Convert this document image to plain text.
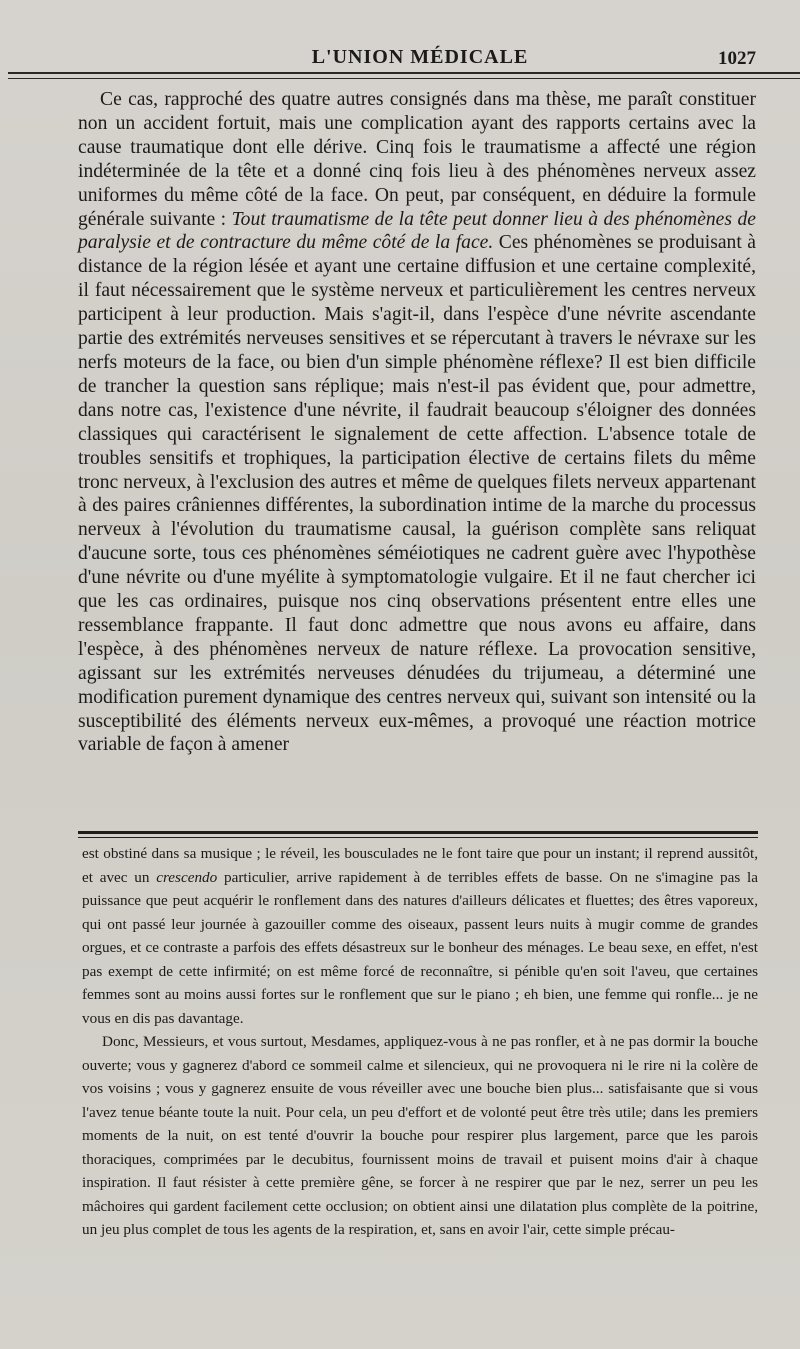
L'UNION MÉDICALE	1027

Ce cas, rapproché des quatre autres consignés dans ma thèse, me paraît constituer non un accident fortuit, mais une complication ayant des rapports certains avec la cause traumatique dont elle dérive. Cinq fois le traumatisme a affecté une région indéterminée de la tête et a donné cinq fois lieu à des phénomènes nerveux assez uniformes du même côté de la face. On peut, par conséquent, en déduire la formule générale suivante : Tout traumatisme de la tête peut donner lieu à des phénomènes de paralysie et de contracture du même côté de la face. Ces phénomènes se produisant à distance de la région lésée et ayant une certaine diffusion et une certaine complexité, il faut nécessairement que le système nerveux et particulièrement les centres nerveux participent à leur production. Mais s'agit-il, dans l'espèce d'une névrite ascendante partie des extrémités nerveuses sensitives et se répercutant à travers le névraxe sur les nerfs moteurs de la face, ou bien d'un simple phénomène réflexe? Il est bien difficile de trancher la question sans réplique; mais n'est-il pas évident que, pour admettre, dans notre cas, l'existence d'une névrite, il faudrait beaucoup s'éloigner des données classiques qui caractérisent le signalement de cette affection. L'absence totale de troubles sensitifs et trophiques, la participation élective de certains filets du même tronc nerveux, à l'exclusion des autres et même de quelques filets nerveux appartenant à des paires crâniennes différentes, la subordination intime de la marche du processus nerveux à l'évolution du traumatisme causal, la guérison complète sans reliquat d'aucune sorte, tous ces phénomènes séméiotiques ne cadrent guère avec l'hypothèse d'une névrite ou d'une myélite à symptomatologie vulgaire. Et il ne faut chercher ici que les cas ordinaires, puisque nos cinq observations présentent entre elles une ressemblance frappante. Il faut donc admettre que nous avons eu affaire, dans l'espèce, à des phénomènes nerveux de nature réflexe. La provocation sensitive, agissant sur les extrémités nerveuses dénudées du trijumeau, a déterminé une modification purement dynamique des centres nerveux qui, suivant son intensité ou la susceptibilité des éléments nerveux eux-mêmes, a provoqué une réaction motrice variable de façon à amener

est obstiné dans sa musique ; le réveil, les bousculades ne le font taire que pour un instant; il reprend aussitôt, et avec un crescendo particulier, arrive rapidement à de terribles effets de basse. On ne s'imagine pas la puissance que peut acquérir le ronflement dans des natures d'ailleurs délicates et fluettes; des êtres vaporeux, qui ont passé leur journée à gazouiller comme des oiseaux, passent leurs nuits à mugir comme de grandes orgues, et ce contraste a parfois des effets désastreux sur le bonheur des ménages. Le beau sexe, en effet, n'est pas exempt de cette infirmité; on est même forcé de reconnaître, si pénible qu'en soit l'aveu, que certaines femmes sont au moins aussi fortes sur le ronflement que sur le piano ; eh bien, une femme qui ronfle... je ne vous en dis pas davantage.

Donc, Messieurs, et vous surtout, Mesdames, appliquez-vous à ne pas ronfler, et à ne pas dormir la bouche ouverte; vous y gagnerez d'abord ce sommeil calme et silencieux, qui ne provoquera ni le rire ni la colère de vos voisins ; vous y gagnerez ensuite de vous réveiller avec une bouche bien plus... satisfaisante que si vous l'avez tenue béante toute la nuit. Pour cela, un peu d'effort et de volonté peut être très utile; dans les premiers moments de la nuit, on est tenté d'ouvrir la bouche pour respirer plus largement, parce que les parois thoraciques, comprimées par le decubitus, fournissent moins de travail et puisent moins d'air à chaque inspiration. Il faut résister à cette première gêne, se forcer à ne respirer que par le nez, serrer un peu les mâchoires qui gardent facilement cette occlusion; on obtient ainsi une dilatation plus complète de la poitrine, un jeu plus complet de tous les agents de la respiration, et, sans en avoir l'air, cette simple précau-
